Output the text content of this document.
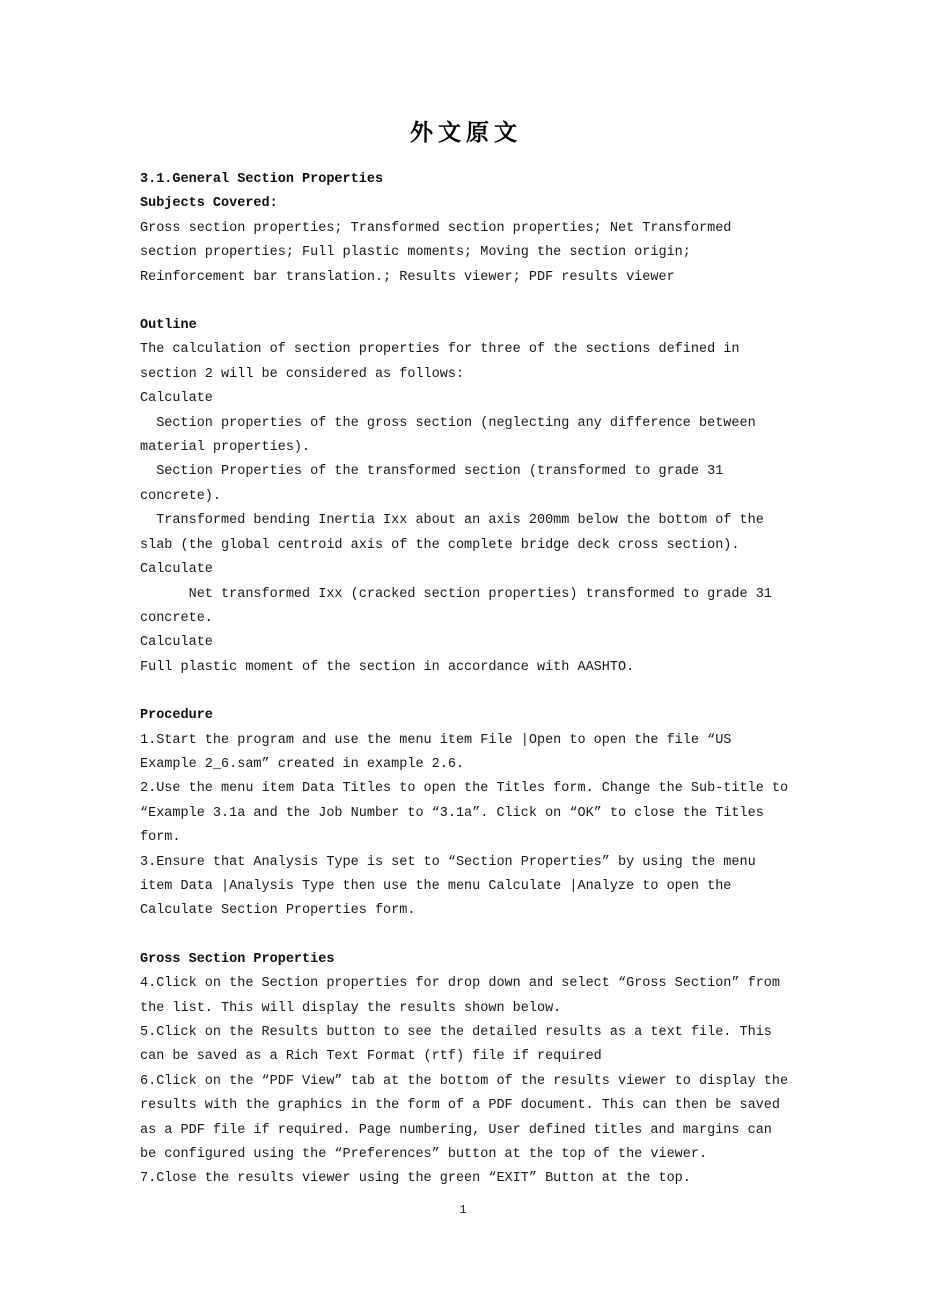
外文原文

3.1.General Section Properties

Subjects Covered:

Gross section properties; Transformed section properties; Net Transformed section properties; Full plastic moments; Moving the section origin; Reinforcement bar translation.; Results viewer; PDF results viewer

Outline

The calculation of section properties for three of the sections defined in section 2 will be considered as follows:

Calculate

Section properties of the gross section (neglecting any difference between material properties).

Section Properties of the transformed section (transformed to grade 31 concrete).

Transformed bending Inertia Ixx about an axis 200mm below the bottom of the slab (the global centroid axis of the complete bridge deck cross section).

Calculate

Net transformed Ixx (cracked section properties) transformed to grade 31 concrete.

Calculate

Full plastic moment of the section in accordance with AASHTO.

Procedure

1.Start the program and use the menu item File |Open to open the file “US Example 2_6.sam” created in example 2.6.

2.Use the menu item Data Titles to open the Titles form. Change the Sub-title to “Example 3.1a and the Job Number to “3.1a”. Click on “OK” to close the Titles form.

3.Ensure that Analysis Type is set to “Section Properties” by using the menu item Data |Analysis Type then use the menu Calculate |Analyze to open the Calculate Section Properties form.

Gross Section Properties

4.Click on the Section properties for drop down and select “Gross Section” from the list. This will display the results shown below.

5.Click on the Results button to see the detailed results as a text file. This can be saved as a Rich Text Format (rtf) file if required

6.Click on the “PDF View” tab at the bottom of the results viewer to display the results with the graphics in the form of a PDF document. This can then be saved as a PDF file if required. Page numbering, User defined titles and margins can be configured using the “Preferences” button at the top of the viewer.

7.Close the results viewer using the green “EXIT” Button at the top.

1
